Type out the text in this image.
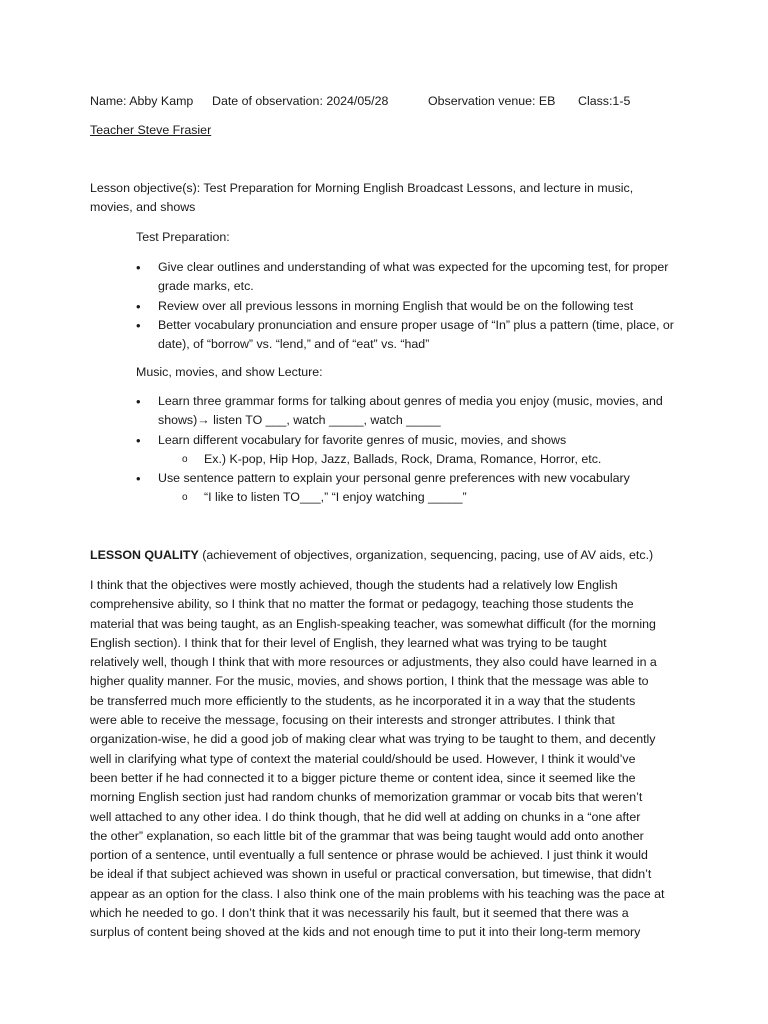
Name: Abby Kamp Date of observation: 2024/05/28	Observation venue: EB Class:1-5
Teacher Steve Frasier
Lesson objective(s): Test Preparation for Morning English Broadcast Lessons, and lecture in music, movies, and shows
Test Preparation:
• Give clear outlines and understanding of what was expected for the upcoming test, for proper grade marks, etc.
• Review over all previous lessons in morning English that would be on the following test
• Better vocabulary pronunciation and ensure proper usage of “In” plus a pattern (time, place, or date), of “borrow” vs. “lend,” and of “eat” vs. “had”
Music, movies, and show Lecture:
• Learn three grammar forms for talking about genres of media you enjoy (music, movies, and shows)→ listen TO ___, watch _____, watch _____
• Learn different vocabulary for favorite genres of music, movies, and shows
o Ex.) K-pop, Hip Hop, Jazz, Ballads, Rock, Drama, Romance, Horror, etc.
• Use sentence pattern to explain your personal genre preferences with new vocabulary
o “I like to listen TO___,” “I enjoy watching _____”
LESSON QUALITY (achievement of objectives, organization, sequencing, pacing, use of AV aids, etc.)
I think that the objectives were mostly achieved, though the students had a relatively low English
comprehensive ability, so I think that no matter the format or pedagogy, teaching those students the
material that was being taught, as an English-speaking teacher, was somewhat difficult (for the morning
English section). I think that for their level of English, they learned what was trying to be taught
relatively well, though I think that with more resources or adjustments, they also could have learned in a
higher quality manner. For the music, movies, and shows portion, I think that the message was able to
be transferred much more efficiently to the students, as he incorporated it in a way that the students
were able to receive the message, focusing on their interests and stronger attributes. I think that
organization-wise, he did a good job of making clear what was trying to be taught to them, and decently
well in clarifying what type of context the material could/should be used. However, I think it would’ve
been better if he had connected it to a bigger picture theme or content idea, since it seemed like the
morning English section just had random chunks of memorization grammar or vocab bits that weren’t
well attached to any other idea. I do think though, that he did well at adding on chunks in a “one after
the other” explanation, so each little bit of the grammar that was being taught would add onto another
portion of a sentence, until eventually a full sentence or phrase would be achieved. I just think it would
be ideal if that subject achieved was shown in useful or practical conversation, but timewise, that didn’t
appear as an option for the class. I also think one of the main problems with his teaching was the pace at
which he needed to go. I don’t think that it was necessarily his fault, but it seemed that there was a
surplus of content being shoved at the kids and not enough time to put it into their long-term memory
